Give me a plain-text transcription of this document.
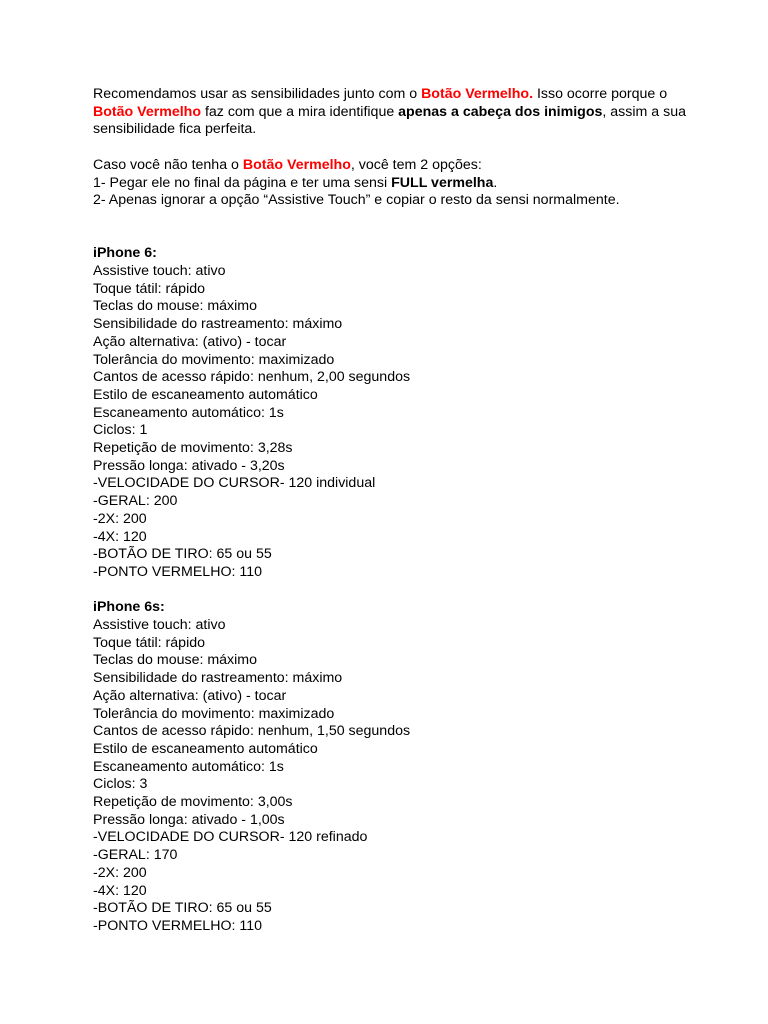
Recomendamos usar as sensibilidades junto com o Botão Vermelho. Isso ocorre porque o Botão Vermelho faz com que a mira identifique apenas a cabeça dos inimigos, assim a sua sensibilidade fica perfeita.

Caso você não tenha o Botão Vermelho, você tem 2 opções:

1- Pegar ele no final da página e ter uma sensi FULL vermelha.

2- Apenas ignorar a opção “Assistive Touch” e copiar o resto da sensi normalmente.

iPhone 6:
Assistive touch: ativo
Toque tátil: rápido
Teclas do mouse: máximo
Sensibilidade do rastreamento: máximo
Ação alternativa: (ativo) - tocar
Tolerância do movimento: maximizado
Cantos de acesso rápido: nenhum, 2,00 segundos
Estilo de escaneamento automático
Escaneamento automático: 1s
Ciclos: 1
Repetição de movimento: 3,28s
Pressão longa: ativado - 3,20s
-VELOCIDADE DO CURSOR- 120 individual
-GERAL: 200
-2X: 200
-4X: 120
-BOTÃO DE TIRO: 65 ou 55
-PONTO VERMELHO: 110
iPhone 6s:
Assistive touch: ativo
Toque tátil: rápido
Teclas do mouse: máximo
Sensibilidade do rastreamento: máximo
Ação alternativa: (ativo) - tocar
Tolerância do movimento: maximizado
Cantos de acesso rápido: nenhum, 1,50 segundos
Estilo de escaneamento automático
Escaneamento automático: 1s
Ciclos: 3
Repetição de movimento: 3,00s
Pressão longa: ativado - 1,00s
-VELOCIDADE DO CURSOR- 120 refinado
-GERAL: 170
-2X: 200
-4X: 120
-BOTÃO DE TIRO: 65 ou 55
-PONTO VERMELHO: 110
